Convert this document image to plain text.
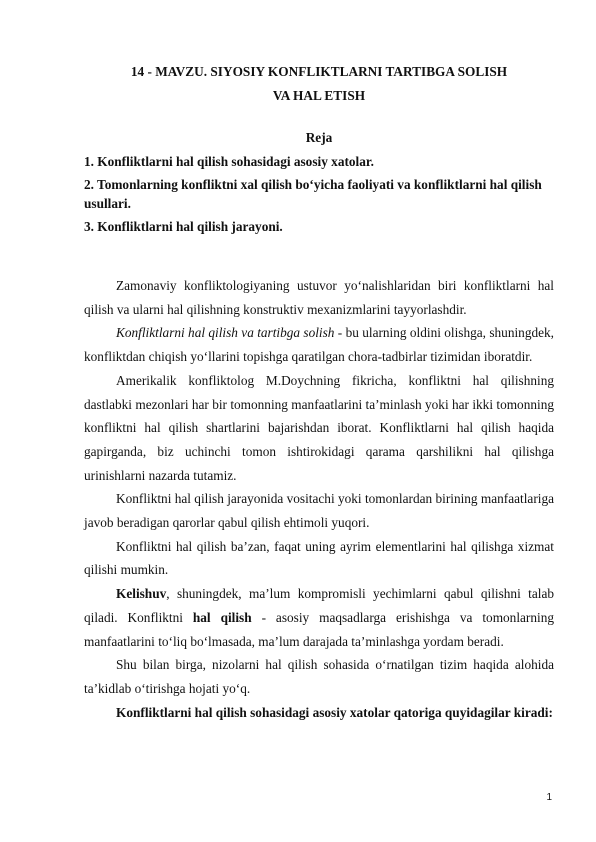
14 - MAVZU. SIYOSIY KONFLIKTLARNI TARTIBGA SOLISH
VA HAL ETISH
Reja
1. Konfliktlarni hal qilish sohasidagi asosiy xatolar.
2. Tomonlarning konfliktni xal qilish bo‘yicha faoliyati va konfliktlarni hal qilish usullari.
3. Konfliktlarni hal qilish jarayoni.

Zamonaviy konfliktologiyaning ustuvor yo‘nalishlaridan biri konfliktlarni hal qilish va ularni hal qilishning konstruktiv mexanizmlarini tayyorlashdir.

Konfliktlarni hal qilish va tartibga solish - bu ularning oldini olishga, shuningdek, konfliktdan chiqish yo‘llarini topishga qaratilgan chora-tadbirlar tizimidan iboratdir.

Amerikalik konfliktolog M.Doychning fikricha, konfliktni hal qilishning dastlabki mezonlari har bir tomonning manfaatlarini ta’minlash yoki har ikki tomonning konfliktni hal qilish shartlarini bajarishdan iborat. Konfliktlarni hal qilish haqida gapirganda, biz uchinchi tomon ishtirokidagi qarama qarshilikni hal qilishga urinishlarni nazarda tutamiz.

Konfliktni hal qilish jarayonida vositachi yoki tomonlardan birining manfaatlariga javob beradigan qarorlar qabul qilish ehtimoli yuqori.

Konfliktni hal qilish ba’zan, faqat uning ayrim elementlarini hal qilishga xizmat qilishi mumkin.

Kelishuv, shuningdek, ma’lum kompromisli yechimlarni qabul qilishni talab qiladi. Konfliktni hal qilish - asosiy maqsadlarga erishishga va tomonlarning manfaatlarini to‘liq bo‘lmasada, ma’lum darajada ta’minlashga yordam beradi.

Shu bilan birga, nizolarni hal qilish sohasida o‘rnatilgan tizim haqida alohida ta’kidlab o‘tirishga hojati yo‘q.

Konfliktlarni hal qilish sohasidagi asosiy xatolar qatoriga quyidagilar kiradi:

1
